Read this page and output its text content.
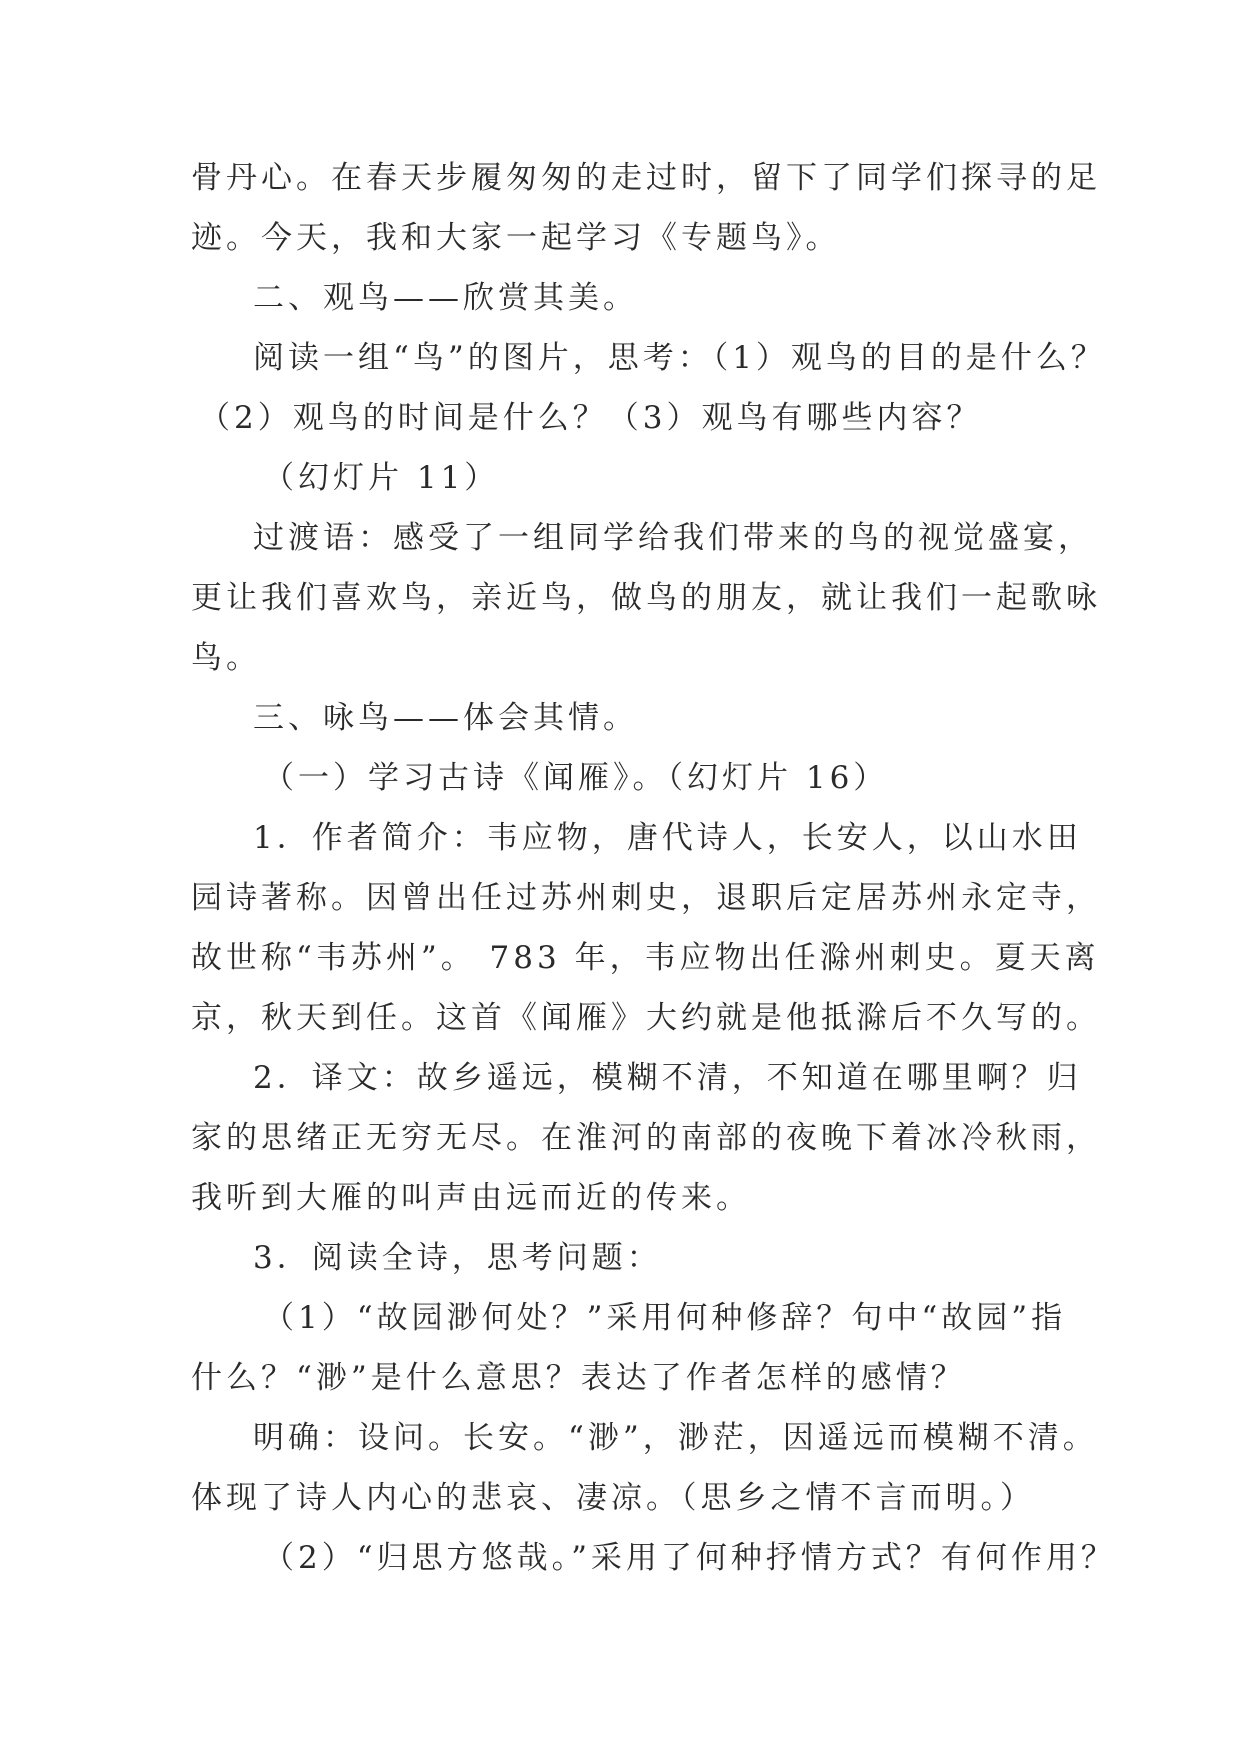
骨丹心。在春天步履匆匆的走过时，留下了同学们探寻的足
迹。今天，我和大家一起学习《专题鸟》。
二、观鸟——欣赏其美。
阅读一组“鸟”的图片，思考：（1）观鸟的目的是什么？
（2）观鸟的时间是什么？（3）观鸟有哪些内容？
（幻灯片 11）
过渡语：感受了一组同学给我们带来的鸟的视觉盛宴，
更让我们喜欢鸟，亲近鸟，做鸟的朋友，就让我们一起歌咏
鸟。
三、咏鸟——体会其情。
（一）学习古诗《闻雁》。（幻灯片 16）
1．作者简介：韦应物，唐代诗人，长安人，以山水田
园诗著称。因曾出任过苏州刺史，退职后定居苏州永定寺，
故世称“韦苏州”。 783 年，韦应物出任滁州刺史。夏天离
京，秋天到任。这首《闻雁》大约就是他抵滁后不久写的。
2．译文：故乡遥远，模糊不清，不知道在哪里啊？归
家的思绪正无穷无尽。在淮河的南部的夜晚下着冰冷秋雨，
我听到大雁的叫声由远而近的传来。
3．阅读全诗，思考问题：
（1）“故园渺何处？”采用何种修辞？句中“故园”指
什么？“渺”是什么意思？表达了作者怎样的感情？
明确：设问。长安。“渺”，渺茫，因遥远而模糊不清。
体现了诗人内心的悲哀、凄凉。（思乡之情不言而明。）
（2）“归思方悠哉。”采用了何种抒情方式？有何作用？
